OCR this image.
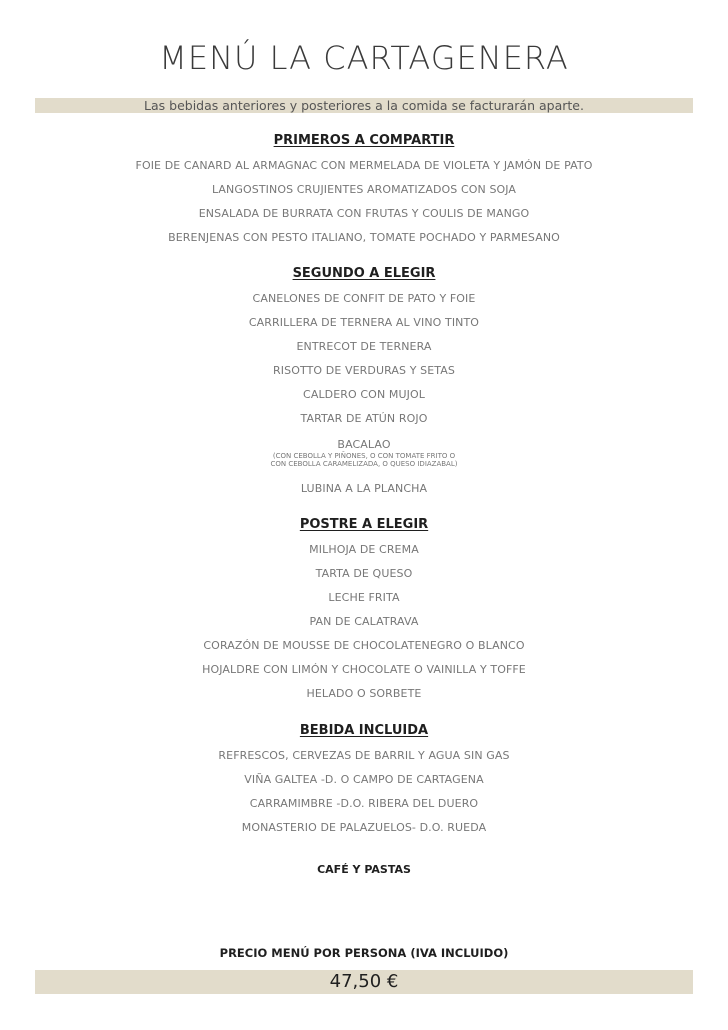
MENÚ LA CARTAGENERA
Las bebidas anteriores y posteriores a la comida se facturarán aparte.
PRIMEROS A COMPARTIR
FOIE DE CANARD AL ARMAGNAC CON MERMELADA DE VIOLETA Y JAMÓN DE PATO
LANGOSTINOS CRUJIENTES AROMATIZADOS CON SOJA
ENSALADA DE BURRATA CON FRUTAS Y COULIS DE MANGO
BERENJENAS CON PESTO ITALIANO, TOMATE POCHADO Y PARMESANO
SEGUNDO A ELEGIR
CANELONES DE CONFIT DE PATO Y FOIE
CARRILLERA DE TERNERA AL VINO TINTO
ENTRECOT DE TERNERA
RISOTTO DE VERDURAS Y SETAS
CALDERO CON MUJOL
TARTAR DE ATÚN ROJO
BACALAO
(CON CEBOLLA Y PIÑONES, O CON TOMATE FRITO O
CON CEBOLLA CARAMELIZADA, O QUESO IDIAZABAL)
LUBINA A LA PLANCHA
POSTRE A ELEGIR
MILHOJA DE CREMA
TARTA DE QUESO
LECHE FRITA
PAN DE CALATRAVA
CORAZÓN DE MOUSSE DE CHOCOLATENEGRO O BLANCO
HOJALDRE CON LIMÓN Y CHOCOLATE O VAINILLA Y TOFFE
HELADO O SORBETE
BEBIDA INCLUIDA
REFRESCOS, CERVEZAS DE BARRIL Y AGUA SIN GAS
VIÑA GALTEA -D. O CAMPO DE CARTAGENA
CARRAMIMBRE -D.O. RIBERA DEL DUERO
MONASTERIO DE PALAZUELOS- D.O. RUEDA
CAFÉ Y PASTAS
PRECIO MENÚ POR PERSONA (IVA INCLUIDO)
47,50 €
